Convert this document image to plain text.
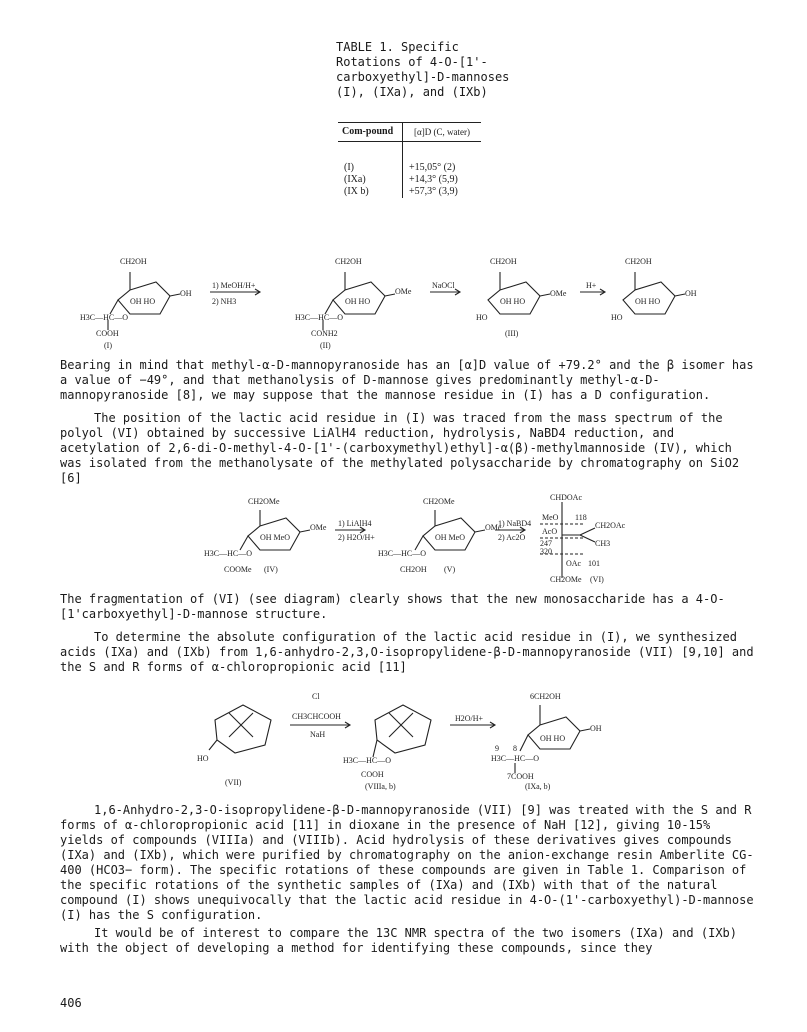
TABLE 1. Specific Rotations of 4-O-[1'-carboxyethyl]-D-mannoses (I), (IXa), and (IXb)
Com-pound	[α]D (C, water)

(I)	+15,05° (2)
(IXa)	+14,3° (5,9)
(IX b)	+57,3° (3,9)
CH2OH
OH HO
OH
H3C—HC—O
COOH
(I)
1) MeOH/H+
2) NH3
CH2OH
OH HO
OMe
H3C—HC—O
CONH2
(II)
NaOCl
CH2OH
OH HO
OMe
HO
(III)
H+
CH2OH
OH HO
OH
HO
Bearing in mind that methyl-α-D-mannopyranoside has an [α]D value of +79.2° and the β isomer has a value of −49°, and that methanolysis of D-mannose gives predominantly methyl-α-D-mannopyranoside [8], we may suppose that the mannose residue in (I) has a D configuration.
The position of the lactic acid residue in (I) was traced from the mass spectrum of the polyol (VI) obtained by successive LiAlH4 reduction, hydrolysis, NaBD4 reduction, and acetylation of 2,6-di-O-methyl-4-O-[1'-(carboxymethyl)ethyl]-α(β)-methylmannoside (IV), which was isolated from the methanolysate of the methylated polysaccharide by chromatography on SiO2 [6]
CH2OMe
OH MeO
OMe
H3C—HC—O
COOMe (IV)
1) LiAlH4
2) H2O/H+
CH2OMe
OH MeO
OMe
H3C—HC—O
CH2OH (V)
1) NaBD4
2) Ac2O
CHDOAc
MeO
AcO
118
247
320
OAc 101
CH2OAc
CH3
CH2OMe (VI)
The fragmentation of (VI) (see diagram) clearly shows that the new monosaccharide has a 4-O-[1'carboxyethyl]-D-mannose structure.
To determine the absolute configuration of the lactic acid residue in (I), we synthesized acids (IXa) and (IXb) from 1,6-anhydro-2,3,O-isopropylidene-β-D-mannopyranoside (VII) [9,10] and the S and R forms of α-chloropropionic acid [11]
HO
(VII)
Cl
CH3CHCOOH
NaH
H3C—HC—O
COOH
(VIIIa, b)
H2O/H+
6CH2OH
OH HO
OH
9 8
H3C—HC—O
7COOH
(IXa, b)
1,6-Anhydro-2,3-O-isopropylidene-β-D-mannopyranoside (VII) [9] was treated with the S and R forms of α-chloropropionic acid [11] in dioxane in the presence of NaH [12], giving 10-15% yields of compounds (VIIIa) and (VIIIb). Acid hydrolysis of these derivatives gives compounds (IXa) and (IXb), which were purified by chromatography on the anion-exchange resin Amberlite CG-400 (HCO3− form). The specific rotations of these compounds are given in Table 1. Comparison of the specific rotations of the synthetic samples of (IXa) and (IXb) with that of the natural compound (I) shows unequivocally that the lactic acid residue in 4-O-(1'-carboxyethyl)-D-mannose (I) has the S configuration.
It would be of interest to compare the 13C NMR spectra of the two isomers (IXa) and (IXb) with the object of developing a method for identifying these compounds, since they
406
